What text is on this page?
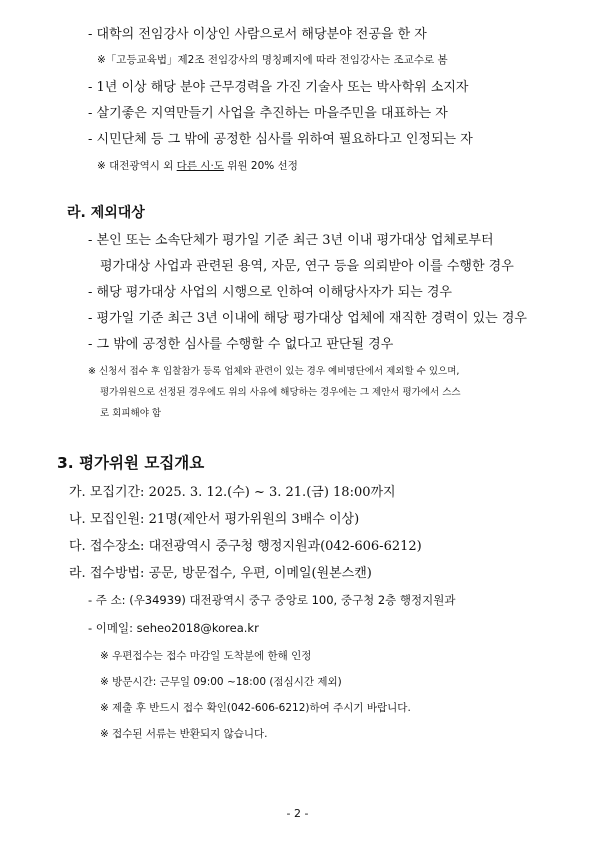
- 대학의 전임강사 이상인 사람으로서 해당분야 전공을 한 자
※「고등교육법」제2조 전임강사의 명칭폐지에 따라 전임강사는 조교수로 봄
- 1년 이상 해당 분야 근무경력을 가진 기술사 또는 박사학위 소지자
- 살기좋은 지역만들기 사업을 추진하는 마을주민을 대표하는 자
- 시민단체 등 그 밖에 공정한 심사를 위하여 필요하다고 인정되는 자
※ 대전광역시 외 다른 시·도 위원 20% 선정
라. 제외대상
- 본인 또는 소속단체가 평가일 기준 최근 3년 이내 평가대상 업체로부터
평가대상 사업과 관련된 용역, 자문, 연구 등을 의뢰받아 이를 수행한 경우
- 해당 평가대상 사업의 시행으로 인하여 이해당사자가 되는 경우
- 평가일 기준 최근 3년 이내에 해당 평가대상 업체에 재직한 경력이 있는 경우
- 그 밖에 공정한 심사를 수행할 수 없다고 판단될 경우
※ 신청서 접수 후 입찰참가 등록 업체와 관련이 있는 경우 예비명단에서 제외할 수 있으며,
평가위원으로 선정된 경우에도 위의 사유에 해당하는 경우에는 그 제안서 평가에서 스스
로 회피해야 함
3. 평가위원 모집개요
가. 모집기간: 2025. 3. 12.(수) ~ 3. 21.(금) 18:00까지
나. 모집인원: 21명(제안서 평가위원의 3배수 이상)
다. 접수장소: 대전광역시 중구청 행정지원과(042-606-6212)
라. 접수방법: 공문, 방문접수, 우편, 이메일(원본스캔)
- 주 소: (우34939) 대전광역시 중구 중앙로 100, 중구청 2층 행정지원과
- 이메일: seheo2018@korea.kr
※ 우편접수는 접수 마감일 도착분에 한해 인정
※ 방문시간: 근무일 09:00 ~18:00 (점심시간 제외)
※ 제출 후 반드시 접수 확인(042-606-6212)하여 주시기 바랍니다.
※ 접수된 서류는 반환되지 않습니다.
- 2 -
